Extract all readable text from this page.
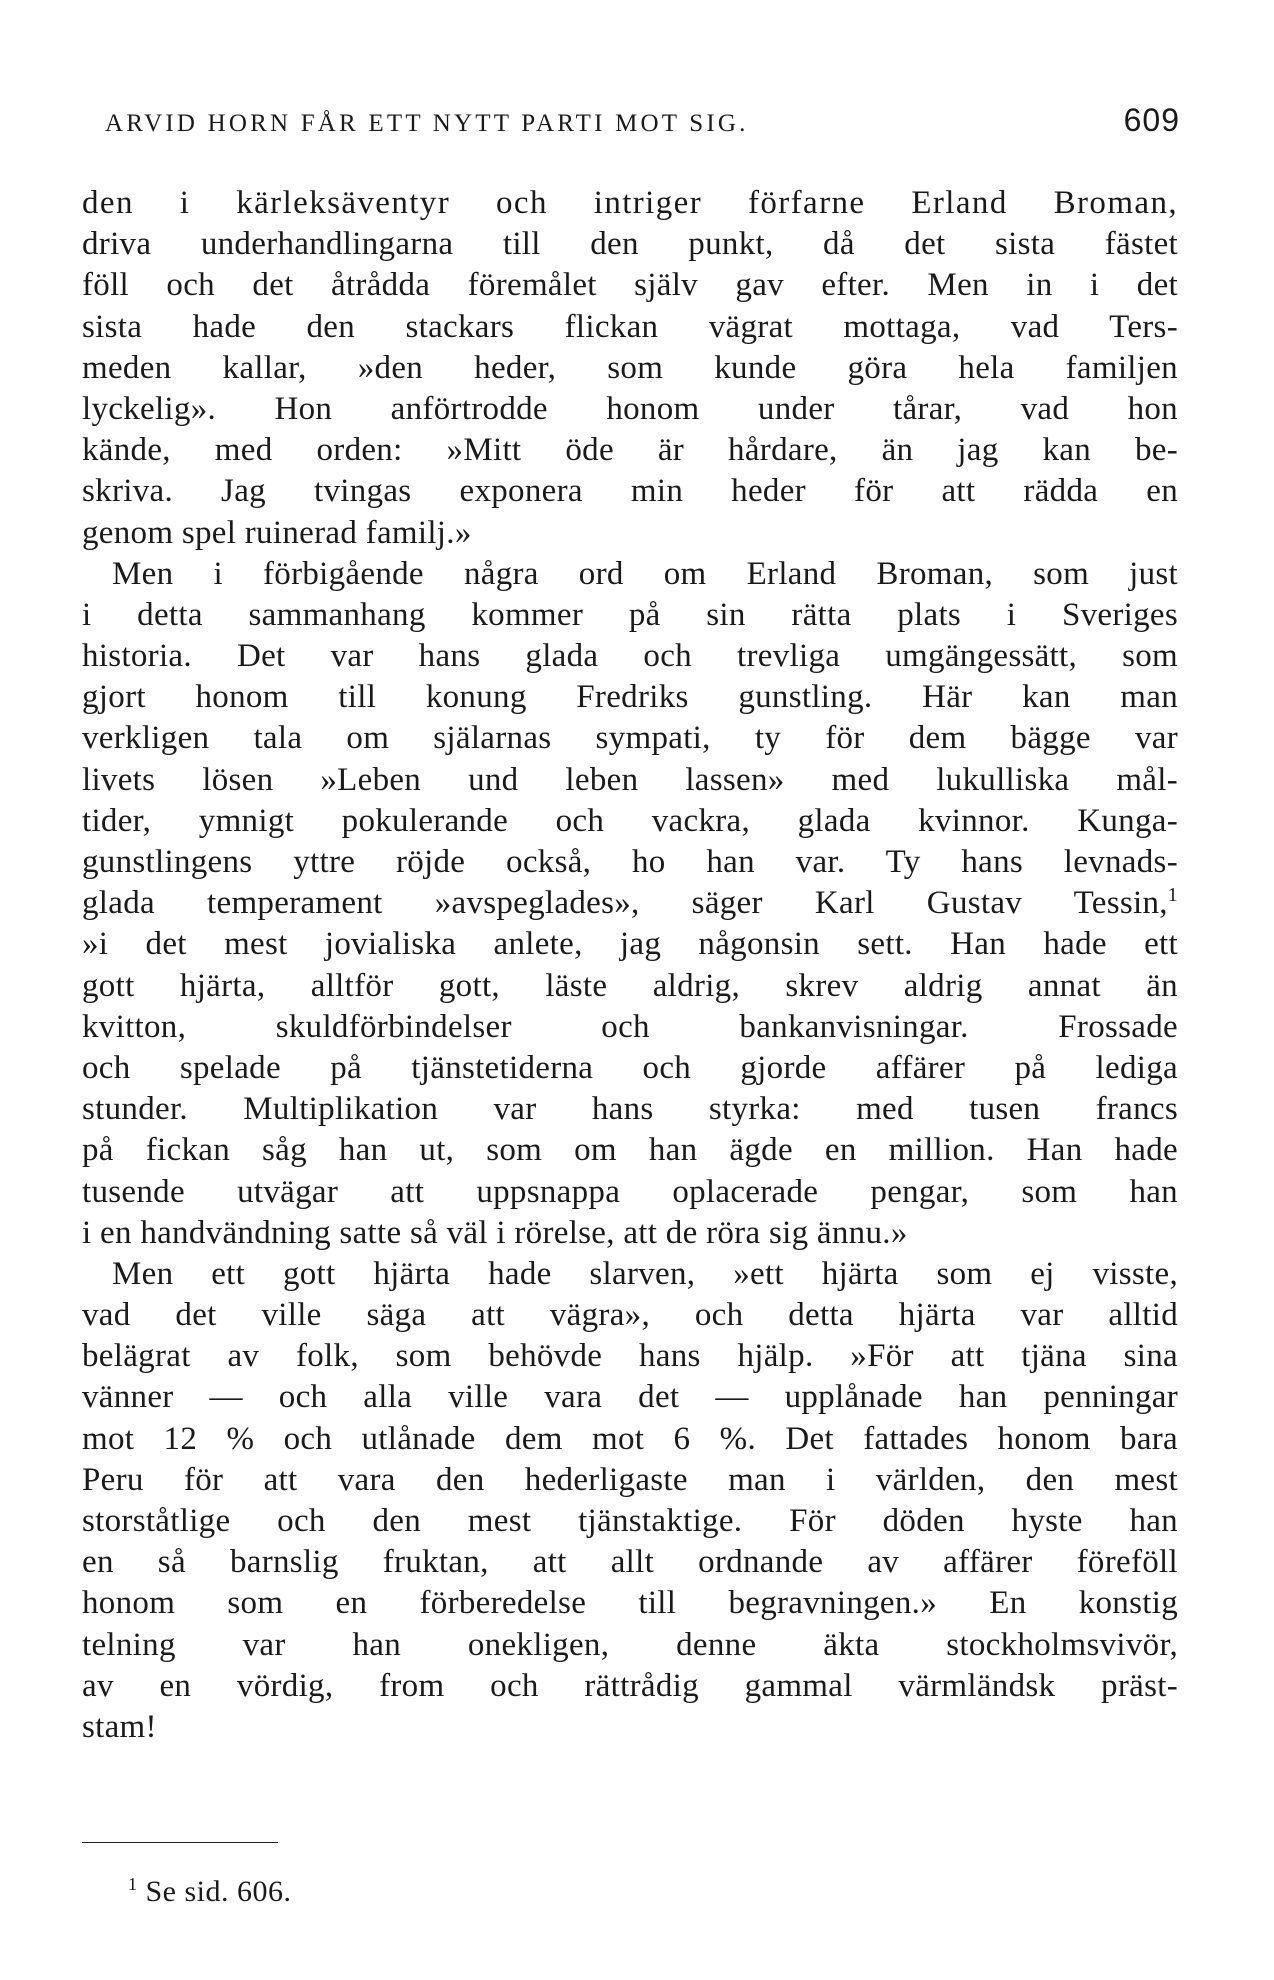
ARVID HORN FÅR ETT NYTT PARTI MOT SIG.	609
den i kärleksäventyr och intriger förfarne Erland Broman,
driva underhandlingarna till den punkt, då det sista fästet
föll och det åtrådda föremålet själv gav efter. Men in i det
sista hade den stackars flickan vägrat mottaga, vad Ters-
meden kallar, »den heder, som kunde göra hela familjen
lyckelig». Hon anförtrodde honom under tårar, vad hon
kände, med orden: »Mitt öde är hårdare, än jag kan be-
skriva. Jag tvingas exponera min heder för att rädda en
genom spel ruinerad familj.»
Men i förbigående några ord om Erland Broman, som just
i detta sammanhang kommer på sin rätta plats i Sveriges
historia. Det var hans glada och trevliga umgängessätt, som
gjort honom till konung Fredriks gunstling. Här kan man
verkligen tala om själarnas sympati, ty för dem bägge var
livets lösen »Leben und leben lassen» med lukulliska mål-
tider, ymnigt pokulerande och vackra, glada kvinnor. Kunga-
gunstlingens yttre röjde också, ho han var. Ty hans levnads-
glada temperament »avspeglades», säger Karl Gustav Tessin,$^1$
»i det mest jovialiska anlete, jag någonsin sett. Han hade ett
gott hjärta, alltför gott, läste aldrig, skrev aldrig annat än
kvitton, skuldförbindelser och bankanvisningar. Frossade
och spelade på tjänstetiderna och gjorde affärer på lediga
stunder. Multiplikation var hans styrka: med tusen francs
på fickan såg han ut, som om han ägde en million. Han hade
tusende utvägar att uppsnappa oplacerade pengar, som han
i en handvändning satte så väl i rörelse, att de röra sig ännu.»
Men ett gott hjärta hade slarven, »ett hjärta som ej visste,
vad det ville säga att vägra», och detta hjärta var alltid
belägrat av folk, som behövde hans hjälp. »För att tjäna sina
vänner — och alla ville vara det — upplånade han penningar
mot 12 % och utlånade dem mot 6 %. Det fattades honom bara
Peru för att vara den hederligaste man i världen, den mest
storståtlige och den mest tjänstaktige. För döden hyste han
en så barnslig fruktan, att allt ordnande av affärer föreföll
honom som en förberedelse till begravningen.» En konstig
telning var han onekligen, denne äkta stockholmsvivör,
av en vördig, from och rättrådig gammal värmländsk präst-
stam!
$^1$ Se sid. 606.
